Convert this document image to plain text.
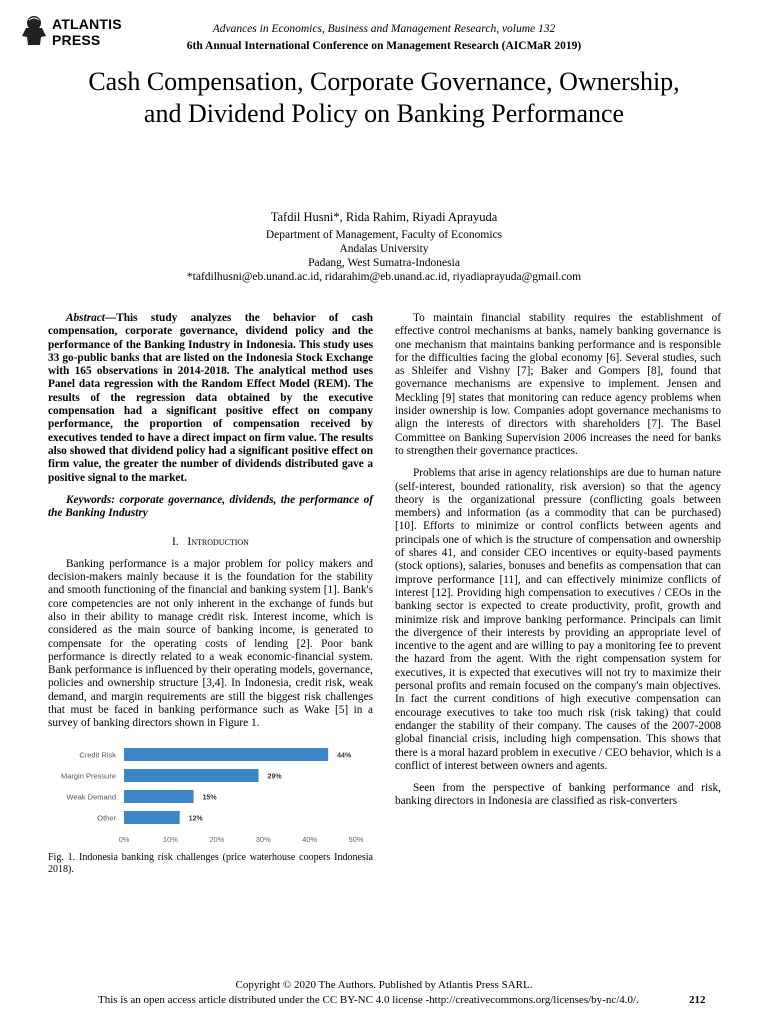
ATLANTIS
PRESS
Advances in Economics, Business and Management Research, volume 132
6th Annual International Conference on Management Research (AICMaR 2019)
Cash Compensation, Corporate Governance, Ownership, and Dividend Policy on Banking Performance
Tafdil Husni*, Rida Rahim, Riyadi Aprayuda
Department of Management, Faculty of Economics
Andalas University
Padang, West Sumatra-Indonesia
*tafdilhusni@eb.unand.ac.id, ridarahim@eb.unand.ac.id, riyadiaprayuda@gmail.com

Abstract—This study analyzes the behavior of cash compensation, corporate governance, dividend policy and the performance of the Banking Industry in Indonesia. This study uses 33 go-public banks that are listed on the Indonesia Stock Exchange with 165 observations in 2014-2018. The analytical method uses Panel data regression with the Random Effect Model (REM). The results of the regression data obtained by the executive compensation had a significant positive effect on company performance, the proportion of compensation received by executives tended to have a direct impact on firm value. The results also showed that dividend policy had a significant positive effect on firm value, the greater the number of dividends distributed gave a positive signal to the market.

Keywords: corporate governance, dividends, the performance of the Banking Industry

I. Introduction

Banking performance is a major problem for policy makers and decision-makers mainly because it is the foundation for the stability and smooth functioning of the financial and banking system [1]. Bank's core competencies are not only inherent in the exchange of funds but also in their ability to manage credit risk. Interest income, which is considered as the main source of banking income, is generated to compensate for the operating costs of lending [2]. Poor bank performance is directly related to a weak economic-financial system. Bank performance is influenced by their operating models, governance, policies and ownership structure [3,4]. In Indonesia, credit risk, weak demand, and margin requirements are still the biggest risk challenges that must be faced in banking performance such as Wake [5] in a survey of banking directors shown in Figure 1.

Credit Risk	44%
Margin Pressure	29%
Weak Demand	15%
Other	12%
0%	10%	20%	30%	40%	50%
Fig. 1. Indonesia banking risk challenges (price waterhouse coopers Indonesia 2018).

To maintain financial stability requires the establishment of effective control mechanisms at banks, namely banking governance is one mechanism that maintains banking performance and is responsible for the difficulties facing the global economy [6]. Several studies, such as Shleifer and Vishny [7]; Baker and Gompers [8], found that governance mechanisms are expensive to implement. Jensen and Meckling [9] states that monitoring can reduce agency problems when insider ownership is low. Companies adopt governance mechanisms to align the interests of directors with shareholders [7]. The Basel Committee on Banking Supervision 2006 increases the need for banks to strengthen their governance practices.

Problems that arise in agency relationships are due to human nature (self-interest, bounded rationality, risk aversion) so that the agency theory is the organizational pressure (conflicting goals between members) and information (as a commodity that can be purchased) [10]. Efforts to minimize or control conflicts between agents and principals one of which is the structure of compensation and ownership of shares 41, and consider CEO incentives or equity-based payments (stock options), salaries, bonuses and benefits as compensation that can improve performance [11], and can effectively minimize conflicts of interest [12]. Providing high compensation to executives / CEOs in the banking sector is expected to create productivity, profit, growth and minimize risk and improve banking performance. Principals can limit the divergence of their interests by providing an appropriate level of incentive to the agent and are willing to pay a monitoring fee to prevent the hazard from the agent. With the right compensation system for executives, it is expected that executives will not try to maximize their personal profits and remain focused on the company's main objectives. In fact the current conditions of high executive compensation can encourage executives to take too much risk (risk taking) that could endanger the stability of their company. The causes of the 2007-2008 global financial crisis, including high compensation. This shows that there is a moral hazard problem in executive / CEO behavior, which is a conflict of interest between owners and agents.

Seen from the perspective of banking performance and risk, banking directors in Indonesia are classified as risk-converters

Copyright © 2020 The Authors. Published by Atlantis Press SARL.
This is an open access article distributed under the CC BY-NC 4.0 license -http://creativecommons.org/licenses/by-nc/4.0/.	212
